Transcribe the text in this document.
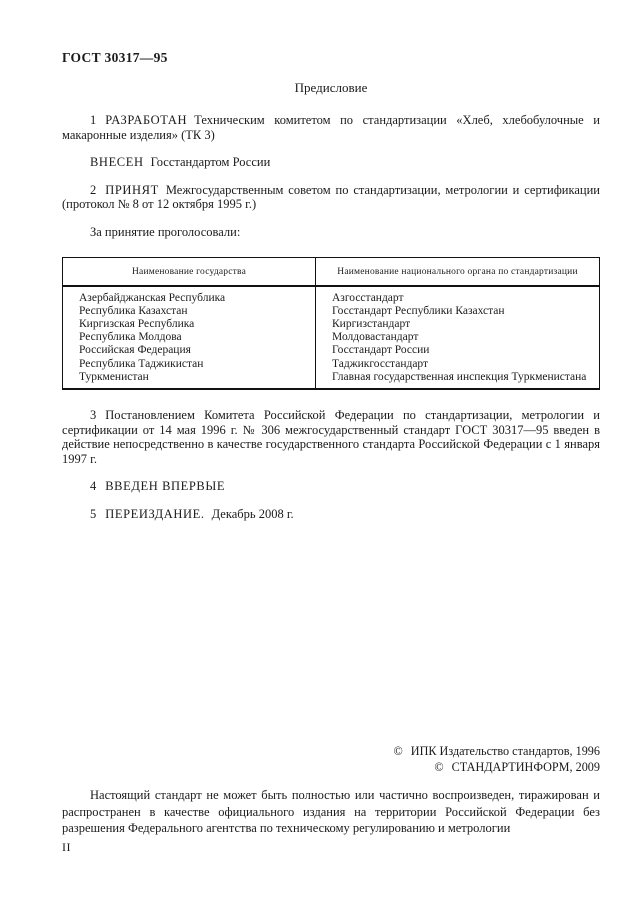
ГОСТ 30317—95
Предисловие

1 РАЗРАБОТАН Техническим комитетом по стандартизации «Хлеб, хлебобулочные и макаронные изделия» (ТК 3)

ВНЕСЕН Госстандартом России

2 ПРИНЯТ Межгосударственным советом по стандартизации, метрологии и сертификации (протокол № 8 от 12 октября 1995 г.)

За принятие проголосовали:

Наименование государства	Наименование национального органа по стандартизации
Азербайджанская Республика	Азгосстандарт
Республика Казахстан	Госстандарт Республики Казахстан
Киргизская Республика	Киргизстандарт
Республика Молдова	Молдовастандарт
Российская Федерация	Госстандарт России
Республика Таджикистан	Таджикгосстандарт
Туркменистан	Главная государственная инспекция Туркменистана

3 Постановлением Комитета Российской Федерации по стандартизации, метрологии и сертификации от 14 мая 1996 г. № 306 межгосударственный стандарт ГОСТ 30317—95 введен в действие непосредственно в качестве государственного стандарта Российской Федерации с 1 января 1997 г.

4 ВВЕДЕН ВПЕРВЫЕ

5 ПЕРЕИЗДАНИЕ. Декабрь 2008 г.

© ИПК Издательство стандартов, 1996
© СТАНДАРТИНФОРМ, 2009

Настоящий стандарт не может быть полностью или частично воспроизведен, тиражирован и распространен в качестве официального издания на территории Российской Федерации без разрешения Федерального агентства по техническому регулированию и метрологии

II
